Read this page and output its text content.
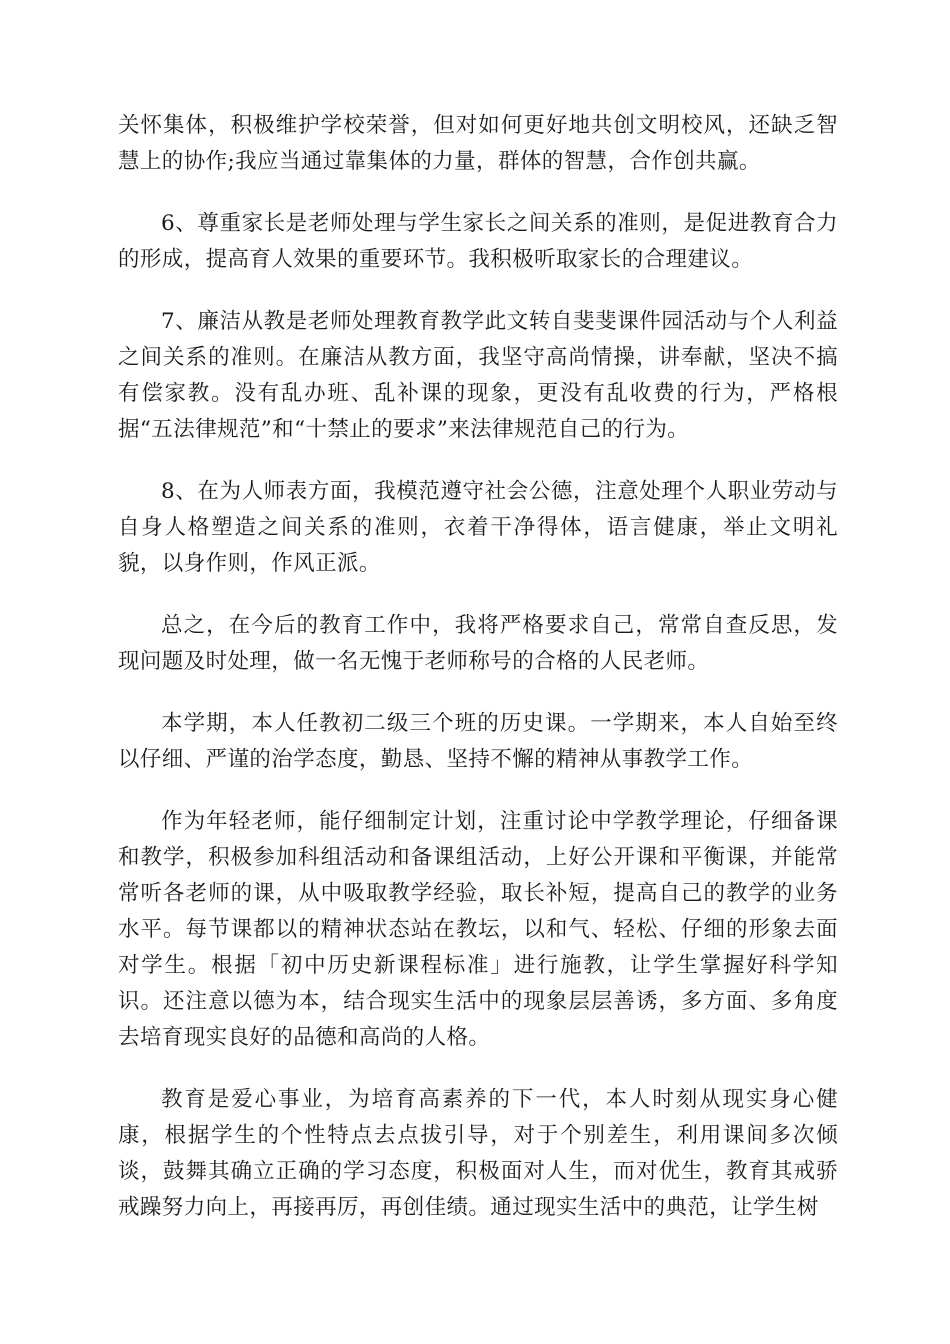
关怀集体，积极维护学校荣誉，但对如何更好地共创文明校风，还缺乏智慧上的协作;我应当通过靠集体的力量，群体的智慧，合作创共赢。

6、尊重家长是老师处理与学生家长之间关系的准则，是促进教育合力的形成，提高育人效果的重要环节。我积极听取家长的合理建议。

7、廉洁从教是老师处理教育教学此文转自斐斐课件园活动与个人利益之间关系的准则。在廉洁从教方面，我坚守高尚情操，讲奉献，坚决不搞有偿家教。没有乱办班、乱补课的现象，更没有乱收费的行为，严格根据“五法律规范”和“十禁止的要求”来法律规范自己的行为。

8、在为人师表方面，我模范遵守社会公德，注意处理个人职业劳动与自身人格塑造之间关系的准则，衣着干净得体，语言健康，举止文明礼貌，以身作则，作风正派。

总之，在今后的教育工作中，我将严格要求自己，常常自查反思，发现问题及时处理，做一名无愧于老师称号的合格的人民老师。

本学期，本人任教初二级三个班的历史课。一学期来，本人自始至终以仔细、严谨的治学态度，勤恳、坚持不懈的精神从事教学工作。

作为年轻老师，能仔细制定计划，注重讨论中学教学理论，仔细备课和教学，积极参加科组活动和备课组活动，上好公开课和平衡课，并能常常听各老师的课，从中吸取教学经验，取长补短，提高自己的教学的业务水平。每节课都以的精神状态站在教坛，以和气、轻松、仔细的形象去面对学生。根据「初中历史新课程标准」进行施教，让学生掌握好科学知识。还注意以德为本，结合现实生活中的现象层层善诱，多方面、多角度去培育现实良好的品德和高尚的人格。

教育是爱心事业，为培育高素养的下一代，本人时刻从现实身心健康，根据学生的个性特点去点拔引导，对于个别差生，利用课间多次倾谈，鼓舞其确立正确的学习态度，积极面对人生，而对优生，教育其戒骄戒躁努力向上，再接再厉，再创佳绩。通过现实生活中的典范，让学生树
